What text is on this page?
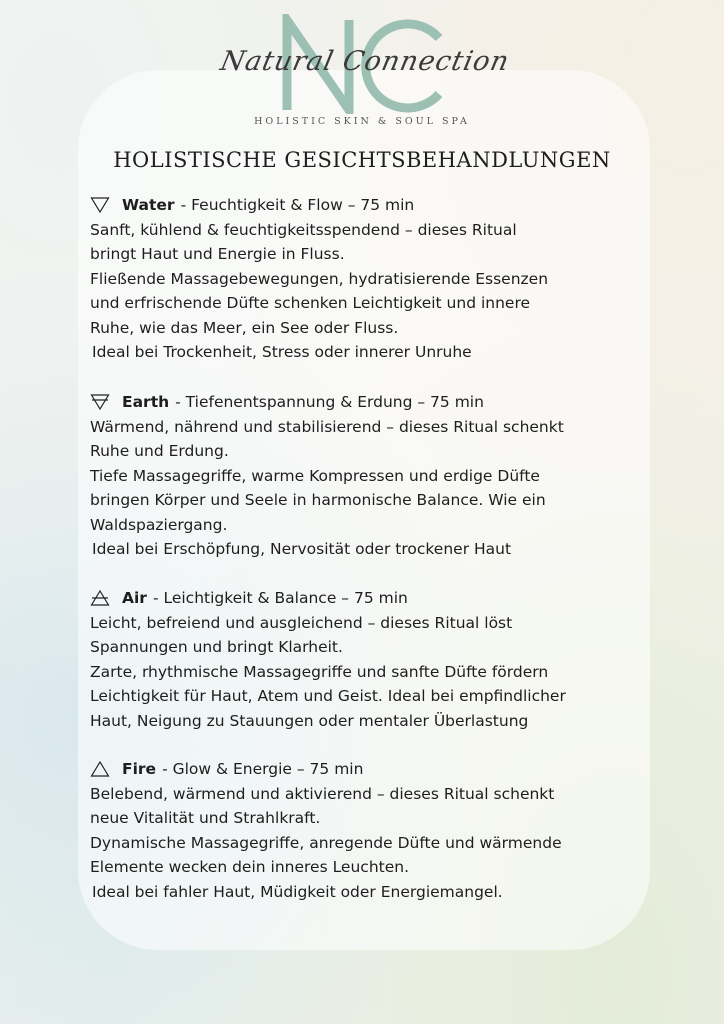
Natural Connection
HOLISTIC SKIN & SOUL SPA
HOLISTISCHE GESICHTSBEHANDLUNGEN
Water - Feuchtigkeit & Flow – 75 min

Sanft, kühlend & feuchtigkeitsspendend – dieses Ritual

bringt Haut und Energie in Fluss.

Fließende Massagebewegungen, hydratisierende Essenzen

und erfrischende Düfte schenken Leichtigkeit und innere

Ruhe, wie das Meer, ein See oder Fluss.

Ideal bei Trockenheit, Stress oder innerer Unruhe

Earth - Tiefenentspannung & Erdung – 75 min

Wärmend, nährend und stabilisierend – dieses Ritual schenkt

Ruhe und Erdung.

Tiefe Massagegriffe, warme Kompressen und erdige Düfte

bringen Körper und Seele in harmonische Balance. Wie ein

Waldspaziergang.

Ideal bei Erschöpfung, Nervosität oder trockener Haut

Air - Leichtigkeit & Balance – 75 min

Leicht, befreiend und ausgleichend – dieses Ritual löst

Spannungen und bringt Klarheit.

Zarte, rhythmische Massagegriffe und sanfte Düfte fördern

Leichtigkeit für Haut, Atem und Geist. Ideal bei empfindlicher

Haut, Neigung zu Stauungen oder mentaler Überlastung

Fire - Glow & Energie – 75 min

Belebend, wärmend und aktivierend – dieses Ritual schenkt

neue Vitalität und Strahlkraft.

Dynamische Massagegriffe, anregende Düfte und wärmende

Elemente wecken dein inneres Leuchten.

Ideal bei fahler Haut, Müdigkeit oder Energiemangel.
